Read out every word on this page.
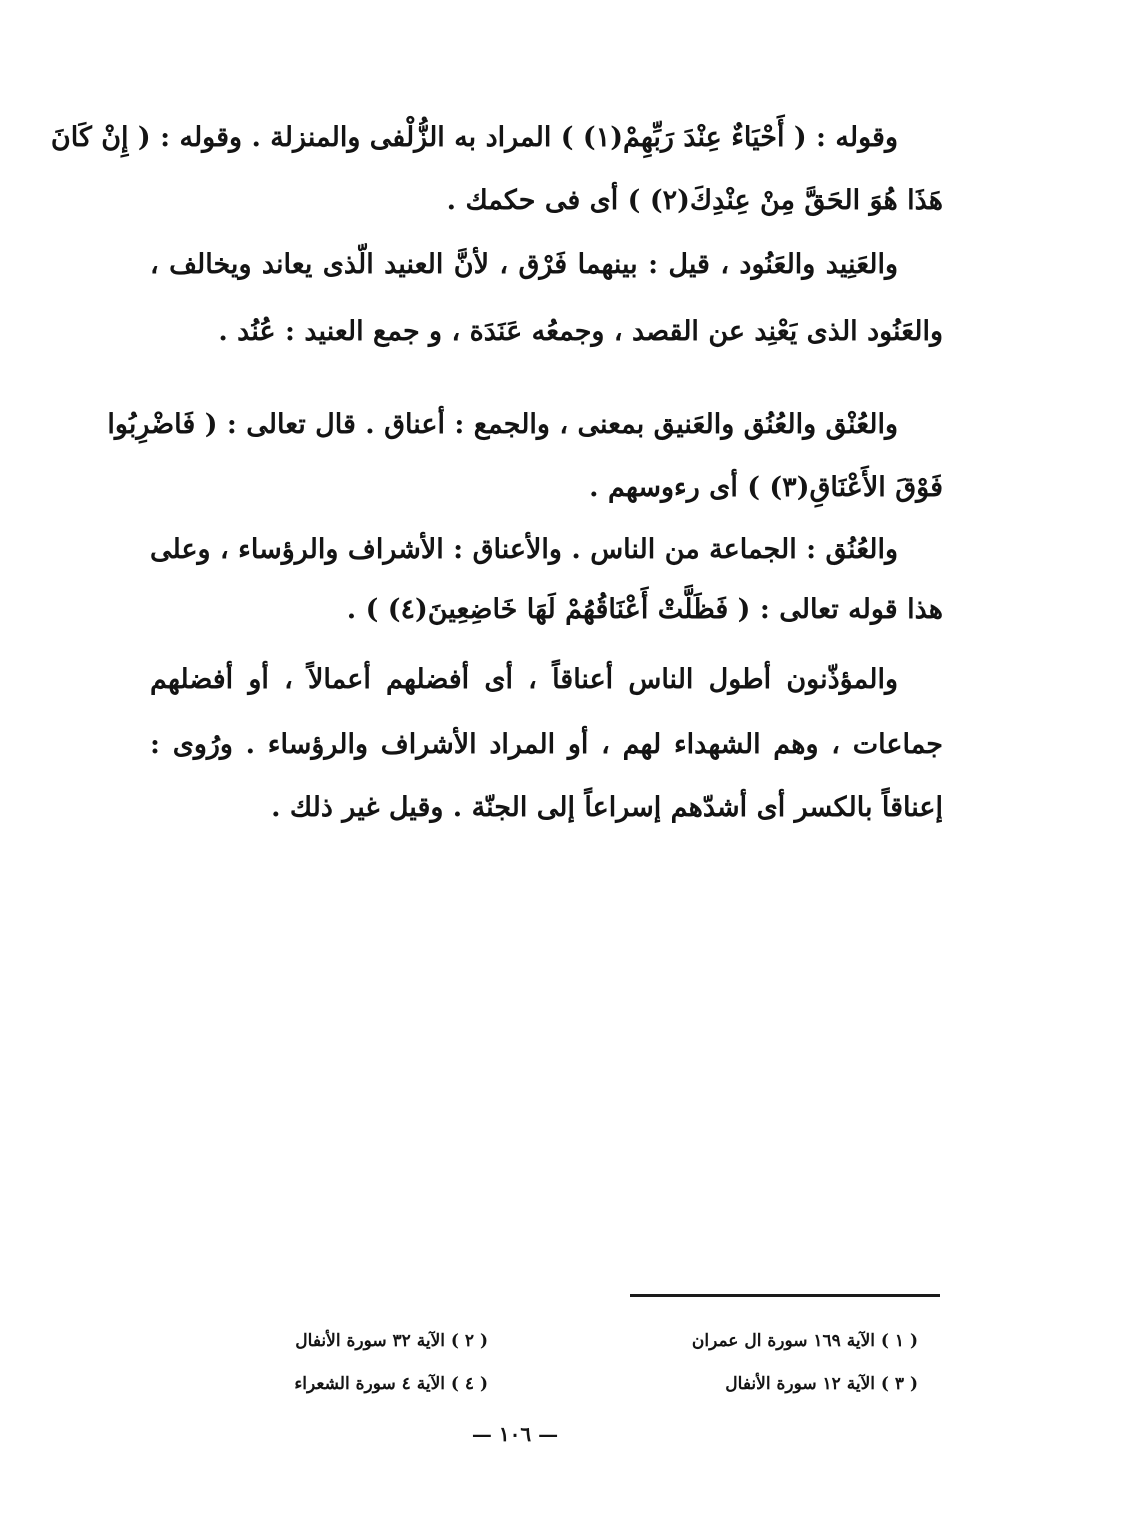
وقوله : ( أَحْيَاءٌ عِنْدَ رَبِّهِمْ(١) ) المراد به الزُّلْفى والمنزلة . وقوله : ( إِنْ كَانَ
هَذَا هُوَ الحَقَّ مِنْ عِنْدِكَ(٢) ) أى فى حكمك .
والعَنِيد والعَنُود ، قيل : بينهما فَرْق ، لأنَّ العنيد الّذى يعاند ويخالف ،
والعَنُود الذى يَعْنِد عن القصد ، وجمعُه عَنَدَة ، و جمع العنيد : عُنُد .
والعُنْق والعُنُق والعَنيق بمعنى ، والجمع : أعناق . قال تعالى : ( فَاضْرِبُوا
فَوْقَ الأَعْنَاقِ(٣) ) أى رءوسهم .
والعُنُق : الجماعة من الناس . والأعناق : الأشراف والرؤساء ، وعلى
هذا قوله تعالى : ( فَظَلَّتْ أَعْنَاقُهُمْ لَهَا خَاضِعِينَ(٤) ) .
والمؤذّنون أطول الناس أعناقاً ، أى أفضلهم أعمالاً ، أو أفضلهم
جماعات ، وهم الشهداء لهم ، أو المراد الأشراف والرؤساء . ورُوى :
إعناقاً بالكسر أى أشدّهم إسراعاً إلى الجنّة . وقيل غير ذلك .
( ١ ) الآية ١٦٩ سورة ال عمران
( ٢ ) الآية ٣٢ سورة الأنفال
( ٣ ) الآية ١٢ سورة الأنفال
( ٤ ) الآية ٤ سورة الشعراء
— ١٠٦ —
